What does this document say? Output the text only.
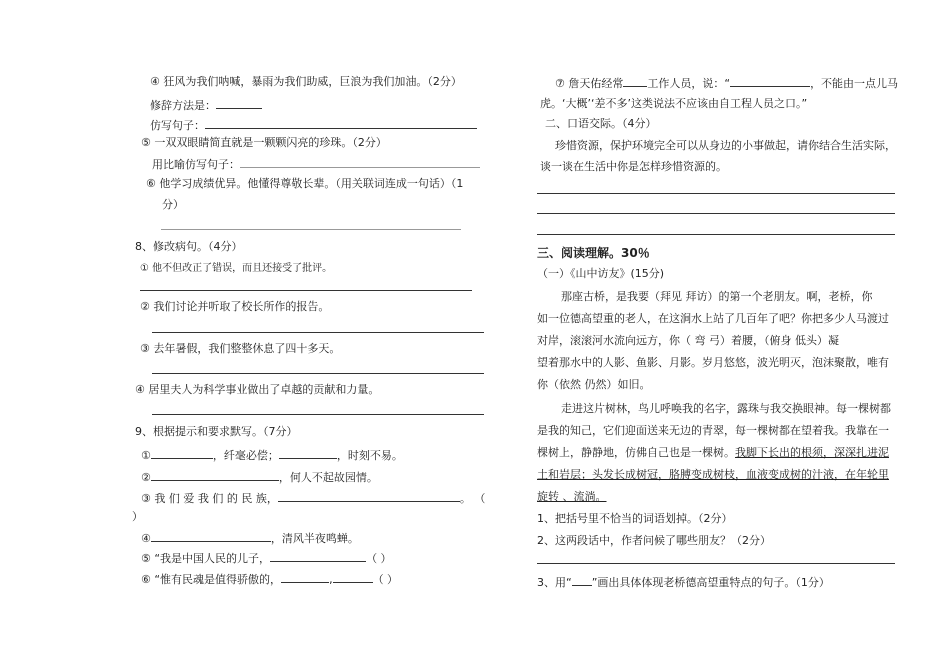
④ 狂风为我们呐喊，暴雨为我们助威，巨浪为我们加油。（2分）
修辞方法是：
仿写句子：
⑤ 一双双眼睛简直就是一颗颗闪亮的珍珠。（2分）
用比喻仿写句子：
⑥ 他学习成绩优异。他懂得尊敬长辈。（用关联词连成一句话）（1
分）
8、修改病句。（4分）
① 他不但改正了错误，而且还接受了批评。
② 我们讨论并听取了校长所作的报告。
③ 去年暑假，我们整整休息了四十多天。
④ 居里夫人为科学事业做出了卓越的贡献和力量。
9、根据提示和要求默写。（7分）
①	，纤毫必偿；	，时刻不易。
②	，何人不起故园情。
③ 我 们 爱 我 们 的 民 族，	。 （
）
④	，清风半夜鸣蝉。
⑤ “我是中国人民的儿子，	（ ）
⑥ “惟有民魂是值得骄傲的，	,	（ ）
⑦ 詹天佑经常 工作人员，说：“	，不能由一点儿马
虎。‘大概’‘差不多’这类说法不应该由自工程人员之口。”
二、口语交际。（4分）
珍惜资源，保护环境完全可以从身边的小事做起，请你结合生活实际，
谈一谈在生活中你是怎样珍惜资源的。
三、阅读理解。30％
（一）《山中访友》(15分)
那座古桥，是我要（拜见 拜访）的第一个老朋友。啊，老桥，你
如一位德高望重的老人，在这涧水上站了几百年了吧？你把多少人马渡过
对岸，滚滚河水流向远方，你（ 弯 弓）着腰，（俯身 低头）凝
望着那水中的人影、鱼影、月影。岁月悠悠，波光明灭，泡沫聚散，唯有
你（依然 仍然）如旧。
走进这片树林，鸟儿呼唤我的名字，露珠与我交换眼神。每一棵树都
是我的知己，它们迎面送来无边的青翠，每一棵树都在望着我。我靠在一
棵树上，静静地，仿佛自己也是一棵树。我脚下长出的根须，深深扎进泥
土和岩层；头发长成树冠，胳膊变成树枝，血液变成树的汁液，在年轮里
旋转 、流淌。
1、把括号里不恰当的词语划掉。（2分）
2、这两段话中，作者问候了哪些朋友？（2分）
3、用“ ”画出具体体现老桥德高望重特点的句子。（1分）
